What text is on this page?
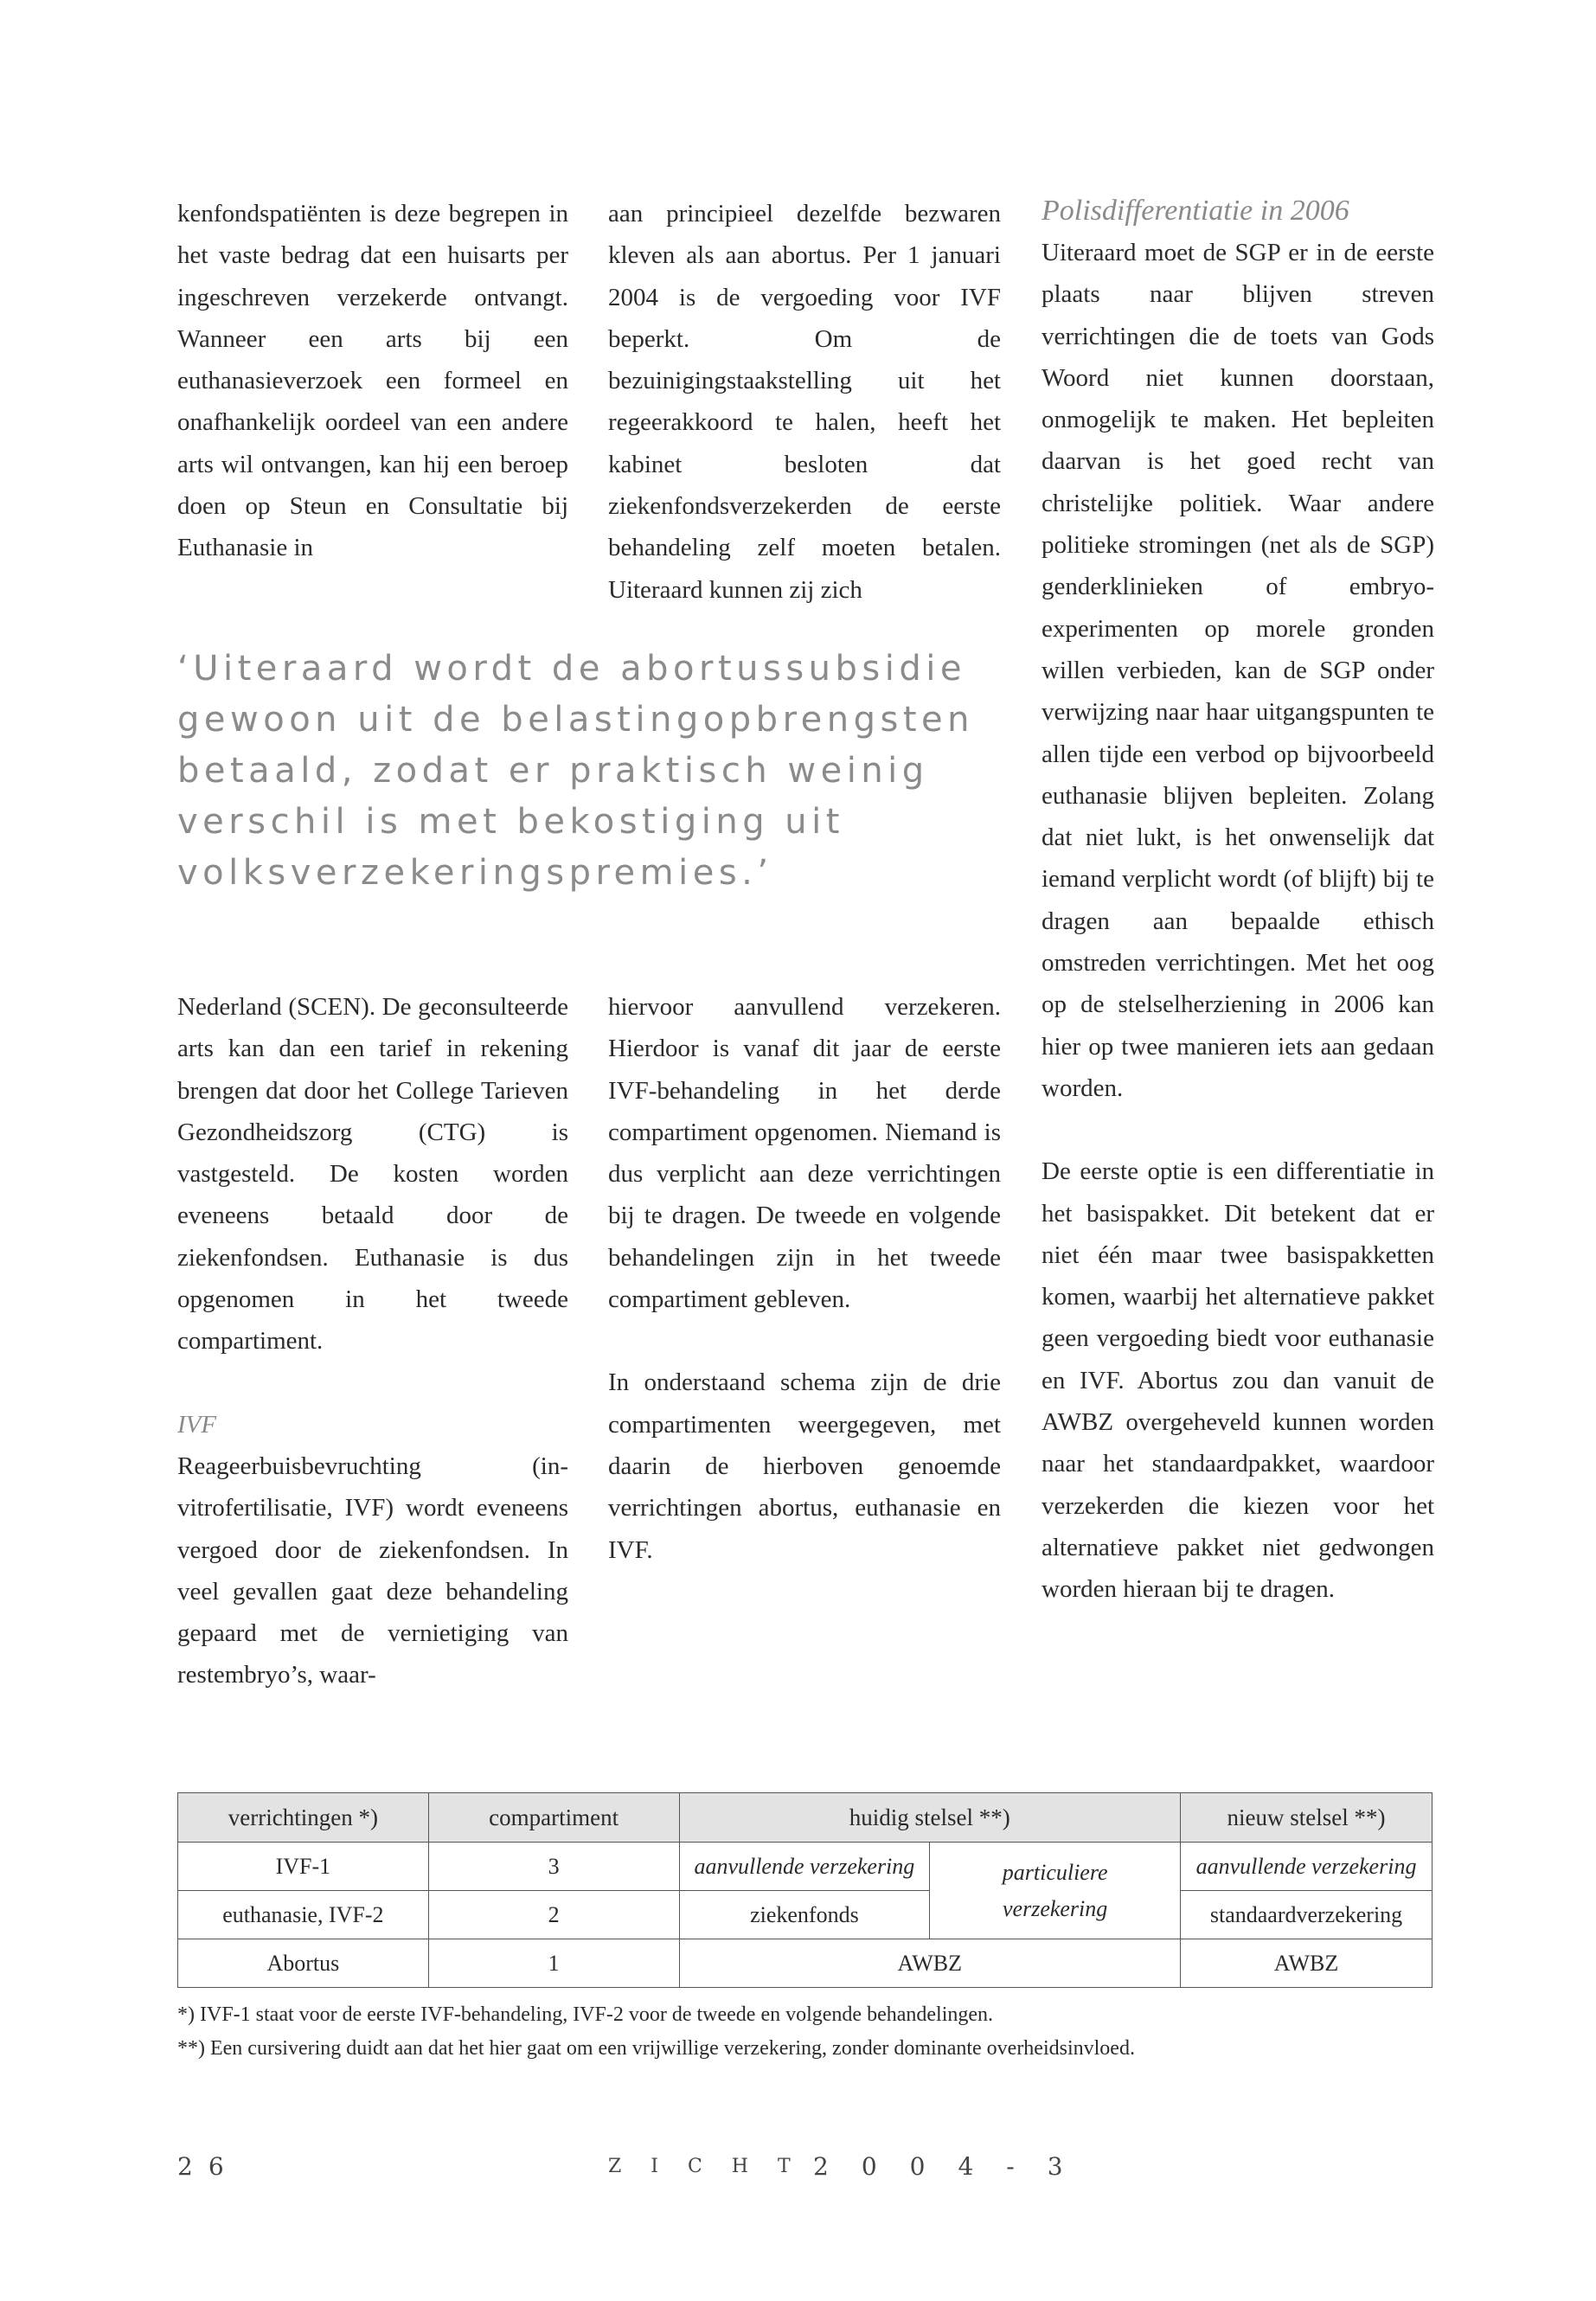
kenfondspatiënten is deze begrepen in het vaste bedrag dat een huisarts per ingeschreven verzekerde ontvangt. Wanneer een arts bij een euthanasieverzoek een formeel en onafhankelijk oordeel van een andere arts wil ontvangen, kan hij een beroep doen op Steun en Consultatie bij Euthanasie in

aan principieel dezelfde bezwaren kleven als aan abortus. Per 1 januari 2004 is de vergoeding voor IVF beperkt. Om de bezuinigingstaakstelling uit het regeerakkoord te halen, heeft het kabinet besloten dat ziekenfondsverzekerden de eerste behandeling zelf moeten betalen. Uiteraard kunnen zij zich

‘Uiteraard wordt de abortussubsidie gewoon uit de belastingopbrengsten betaald, zodat er praktisch weinig verschil is met bekostiging uit volksverzekeringspremies.’

Nederland (SCEN). De geconsulteerde arts kan dan een tarief in rekening brengen dat door het College Tarieven Gezondheidszorg (CTG) is vastgesteld. De kosten worden eveneens betaald door de ziekenfondsen. Euthanasie is dus opgenomen in het tweede compartiment.

IVF

Reageerbuisbevruchting (in-vitrofertilisatie, IVF) wordt eveneens vergoed door de ziekenfondsen. In veel gevallen gaat deze behandeling gepaard met de vernietiging van restembryo’s, waar-

hiervoor aanvullend verzekeren. Hierdoor is vanaf dit jaar de eerste IVF-behandeling in het derde compartiment opgenomen. Niemand is dus verplicht aan deze verrichtingen bij te dragen. De tweede en volgende behandelingen zijn in het tweede compartiment gebleven.

In onderstaand schema zijn de drie compartimenten weergegeven, met daarin de hierboven genoemde verrichtingen abortus, euthanasie en IVF.

Polisdifferentiatie in 2006

Uiteraard moet de SGP er in de eerste plaats naar blijven streven verrichtingen die de toets van Gods Woord niet kunnen doorstaan, onmogelijk te maken. Het bepleiten daarvan is het goed recht van christelijke politiek. Waar andere politieke stromingen (net als de SGP) genderklinieken of embryo-experimenten op morele gronden willen verbieden, kan de SGP onder verwijzing naar haar uitgangspunten te allen tijde een verbod op bijvoorbeeld euthanasie blijven bepleiten. Zolang dat niet lukt, is het onwenselijk dat iemand verplicht wordt (of blijft) bij te dragen aan bepaalde ethisch omstreden verrichtingen. Met het oog op de stelselherziening in 2006 kan hier op twee manieren iets aan gedaan worden.

De eerste optie is een differentiatie in het basispakket. Dit betekent dat er niet één maar twee basispakketten komen, waarbij het alternatieve pakket geen vergoeding biedt voor euthanasie en IVF. Abortus zou dan vanuit de AWBZ overgeheveld kunnen worden naar het standaardpakket, waardoor verzekerden die kiezen voor het alternatieve pakket niet gedwongen worden hieraan bij te dragen.

verrichtingen *)	compartiment	huidig stelsel **)		nieuw stelsel **)
IVF-1	3	aanvullende verzekering	particuliere verzekering	aanvullende verzekering
euthanasie, IVF-2	2	ziekenfonds		standaardverzekering
Abortus	1	AWBZ		AWBZ

*) IVF-1 staat voor de eerste IVF-behandeling, IVF-2 voor de tweede en volgende behandelingen.

**) Een cursivering duidt aan dat het hier gaat om een vrijwillige verzekering, zonder dominante overheidsinvloed.

26	ZICHT
2004-3
